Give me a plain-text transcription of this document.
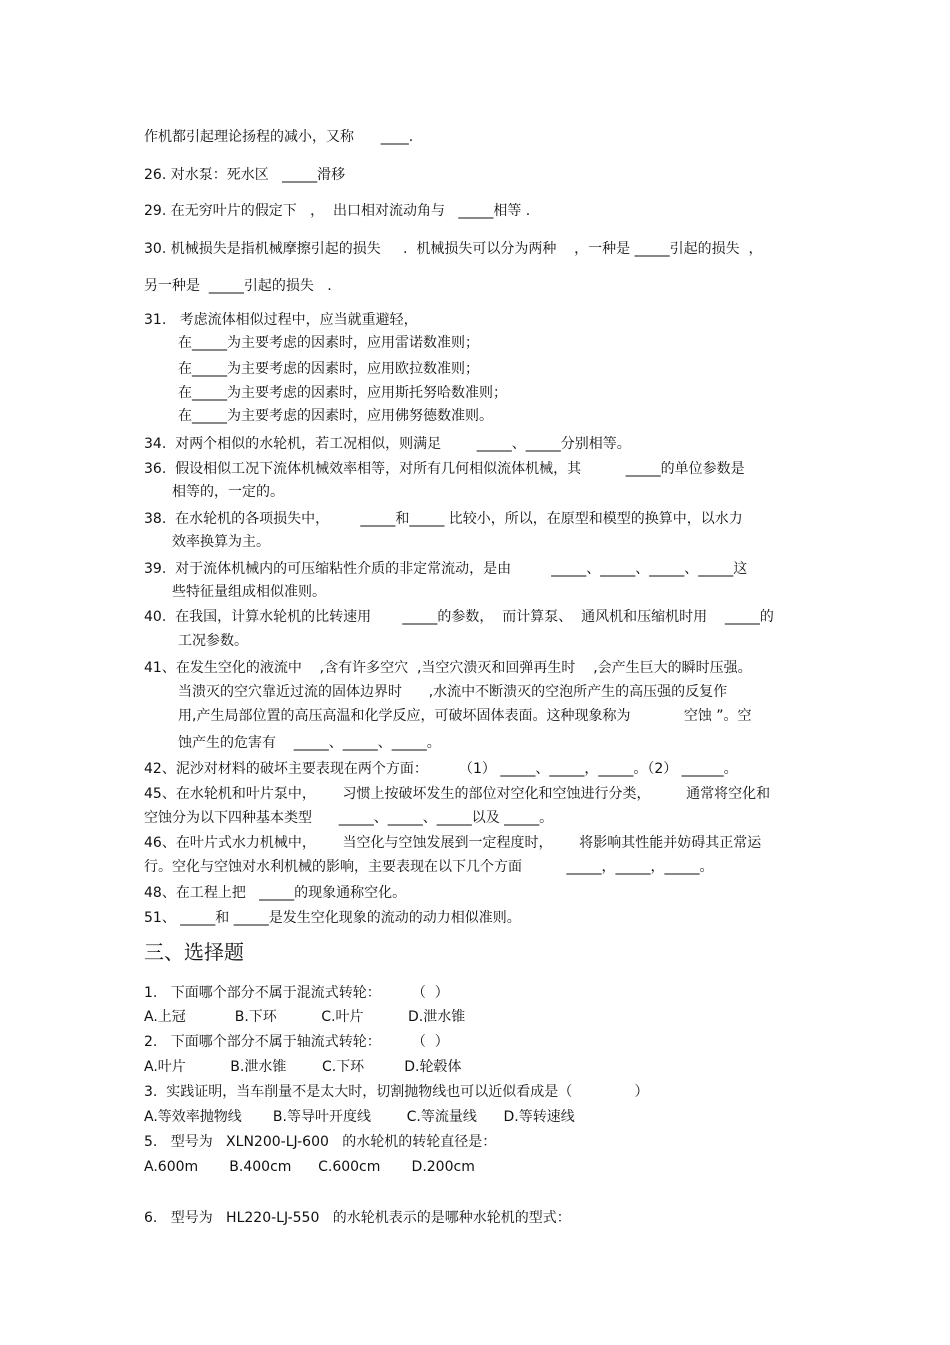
作机都引起理论扬程的减小，又称      ____.
26. 对水泵：死水区   _____滑移
29. 在无穷叶片的假定下   ，  出口相对流动角与   _____相等 .
30. 机械损失是指机械摩擦引起的损失     .  机械损失可以分为两种    ，一种是 _____引起的损失  ，
另一种是  _____引起的损失   .
31.   考虑流体相似过程中，应当就重避轻，
在_____为主要考虑的因素时，应用雷诺数准则；
在_____为主要考虑的因素时，应用欧拉数准则；
在_____为主要考虑的因素时，应用斯托努哈数准则；
在_____为主要考虑的因素时，应用佛努德数准则。
34.  对两个相似的水轮机，若工况相似，则满足        _____、_____分别相等。
36.  假设相似工况下流体机械效率相等，对所有几何相似流体机械，其          _____的单位参数是
相等的，一定的。
38.  在水轮机的各项损失中，       _____和_____ 比较小，所以，在原型和模型的换算中，以水力
效率换算为主。
39.  对于流体机械内的可压缩粘性介质的非定常流动，是由         _____、_____、_____、_____这
些特征量组成相似准则。
40.  在我国，计算水轮机的比转速用       _____的参数，  而计算泵、  通风机和压缩机时用    _____的
工况参数。
41、在发生空化的液流中    ,含有许多空穴  ,当空穴溃灭和回弹再生时    ,会产生巨大的瞬时压强。
当溃灭的空穴靠近过流的固体边界时      ,水流中不断溃灭的空泡所产生的高压强的反复作
用,产生局部位置的高压高温和化学反应，可破坏固体表面。这种现象称为            空蚀 ”。空
蚀产生的危害有    _____、_____、_____。
42、泥沙对材料的破坏主要表现在两个方面：       （1） _____、_____，_____。（2） ______。
45、在水轮机和叶片泵中，      习惯上按破坏发生的部位对空化和空蚀进行分类，        通常将空化和
空蚀分为以下四种基本类型      _____、_____、_____以及 _____。
46、在叶片式水力机械中，      当空化与空蚀发展到一定程度时，      将影响其性能并妨碍其正常运
行。空化与空蚀对水利机械的影响，主要表现在以下几个方面          _____，_____，_____。
48、在工程上把   _____的现象通称空化。
51、 _____和 _____是发生空化现象的流动的动力相似准则。
三、选择题
1.   下面哪个部分不属于混流式转轮：       （  ）
A.上冠           B.下环          C.叶片          D.泄水锥
2.   下面哪个部分不属于轴流式转轮：       （  ）
A.叶片          B.泄水锥        C.下环         D.轮毂体
3.  实践证明，当车削量不是太大时，切割抛物线也可以近似看成是（              ）
A.等效率抛物线       B.等导叶开度线        C.等流量线      D.等转速线
5.   型号为   XLN200-LJ-600   的水轮机的转轮直径是：
A.600m       B.400cm      C.600cm       D.200cm
6.   型号为   HL220-LJ-550   的水轮机表示的是哪种水轮机的型式：
